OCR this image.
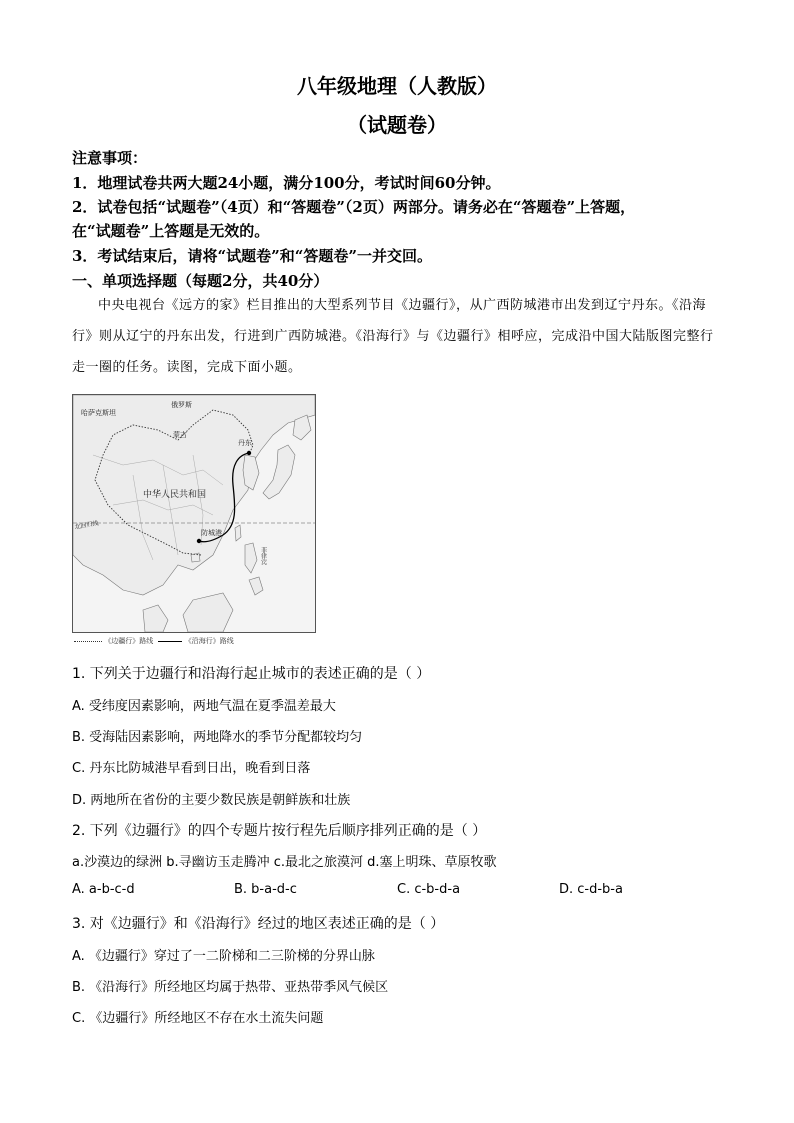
八年级地理（人教版）
（试题卷）
注意事项：
1．地理试卷共两大题24小题，满分100分，考试时间60分钟。
2．试卷包括“试题卷”（4页）和“答题卷”（2页）两部分。请务必在“答题卷”上答题，
在“试题卷”上答题是无效的。
3．考试结束后，请将“试题卷”和“答题卷”一并交回。
一、单项选择题（每题2分，共40分）
中央电视台《远方的家》栏目推出的大型系列节目《边疆行》，从广西防城港市出发到辽宁丹东。《沿海行》则从辽宁的丹东出发，行进到广西防城港。《沿海行》与《边疆行》相呼应，完成沿中国大陆版图完整行走一圈的任务。读图，完成下面小题。
哈萨克斯坦
俄罗斯
蒙古
丹东
中华人民共和国
北回归线
防城港
菲律宾
《边疆行》路线	《沿海行》路线
1. 下列关于边疆行和沿海行起止城市的表述正确的是（ ）
A. 受纬度因素影响，两地气温在夏季温差最大
B. 受海陆因素影响，两地降水的季节分配都较均匀
C. 丹东比防城港早看到日出，晚看到日落
D. 两地所在省份的主要少数民族是朝鲜族和壮族
2. 下列《边疆行》的四个专题片按行程先后顺序排列正确的是（ ）
a.沙漠边的绿洲 b.寻幽访玉走腾冲 c.最北之旅漠河 d.塞上明珠、草原牧歌
A. a-b-c-d	B. b-a-d-c	C. c-b-d-a	D. c-d-b-a
3. 对《边疆行》和《沿海行》经过的地区表述正确的是（ ）
A. 《边疆行》穿过了一二阶梯和二三阶梯的分界山脉
B. 《沿海行》所经地区均属于热带、亚热带季风气候区
C. 《边疆行》所经地区不存在水土流失问题
